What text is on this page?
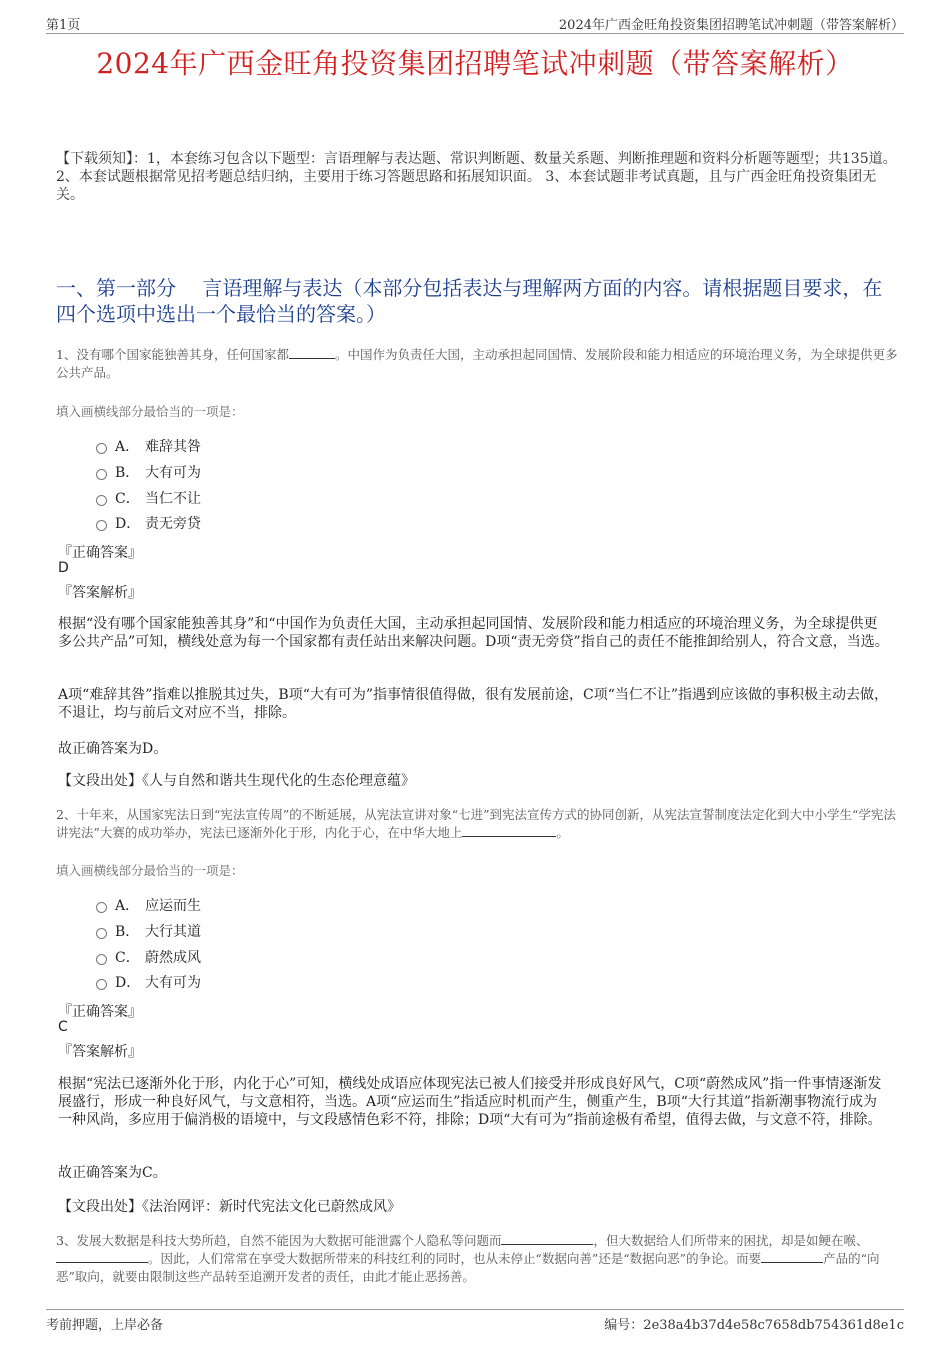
第1页	2024年广西金旺角投资集团招聘笔试冲刺题（带答案解析）
2024年广西金旺角投资集团招聘笔试冲刺题（带答案解析）
【下载须知】：1，本套练习包含以下题型：言语理解与表达题、常识判断题、数量关系题、判断推理题和资料分析题等题型；共135道。 2、本套试题根据常见招考题总结归纳，主要用于练习答题思路和拓展知识面。 3、本套试题非考试真题，且与广西金旺角投资集团无关。
一、第一部分　 言语理解与表达（本部分包括表达与理解两方面的内容。请根据题目要求，在四个选项中选出一个最恰当的答案。）
1、没有哪个国家能独善其身，任何国家都	。中国作为负责任大国，主动承担起同国情、发展阶段和能力相适应的环境治理义务，为全球提供更多公共产品。
填入画横线部分最恰当的一项是：
A． 难辞其咎
B． 大有可为
C． 当仁不让
D． 责无旁贷
『正确答案』
D
『答案解析』
根据“没有哪个国家能独善其身”和“中国作为负责任大国，主动承担起同国情、发展阶段和能力相适应的环境治理义务，为全球提供更多公共产品”可知，横线处意为每一个国家都有责任站出来解决问题。D项“责无旁贷”指自己的责任不能推卸给别人，符合文意，当选。
A项“难辞其咎”指难以推脱其过失，B项“大有可为”指事情很值得做，很有发展前途，C项“当仁不让”指遇到应该做的事积极主动去做，不退让，均与前后文对应不当，排除。
故正确答案为D。
【文段出处】《人与自然和谐共生现代化的生态伦理意蕴》
2、十年来，从国家宪法日到“宪法宣传周”的不断延展，从宪法宣讲对象“七进”到宪法宣传方式的协同创新，从宪法宣誓制度法定化到大中小学生“学宪法讲宪法”大赛的成功举办，宪法已逐渐外化于形，内化于心，在中华大地上	。
填入画横线部分最恰当的一项是：
A． 应运而生
B． 大行其道
C． 蔚然成风
D． 大有可为
『正确答案』
C
『答案解析』
根据“宪法已逐渐外化于形，内化于心”可知，横线处成语应体现宪法已被人们接受并形成良好风气，C项“蔚然成风”指一件事情逐渐发展盛行，形成一种良好风气，与文意相符，当选。A项“应运而生”指适应时机而产生，侧重产生，B项“大行其道”指新潮事物流行成为一种风尚，多应用于偏消极的语境中，与文段感情色彩不符，排除；D项“大有可为”指前途极有希望，值得去做，与文意不符，排除。
故正确答案为C。
【文段出处】《法治网评：新时代宪法文化已蔚然成风》
3、发展大数据是科技大势所趋，自然不能因为大数据可能泄露个人隐私等问题而	，但大数据给人们所带来的困扰，却是如鲠在喉、。因此，人们常常在享受大数据所带来的科技红利的同时，也从未停止“数据向善”还是“数据向恶”的争论。而要	产品的“向恶”取向，就要由限制这些产品转至追溯开发者的责任，由此才能止恶扬善。
考前押题，上岸必备	编号：2e38a4b37d4e58c7658db754361d8e1c
